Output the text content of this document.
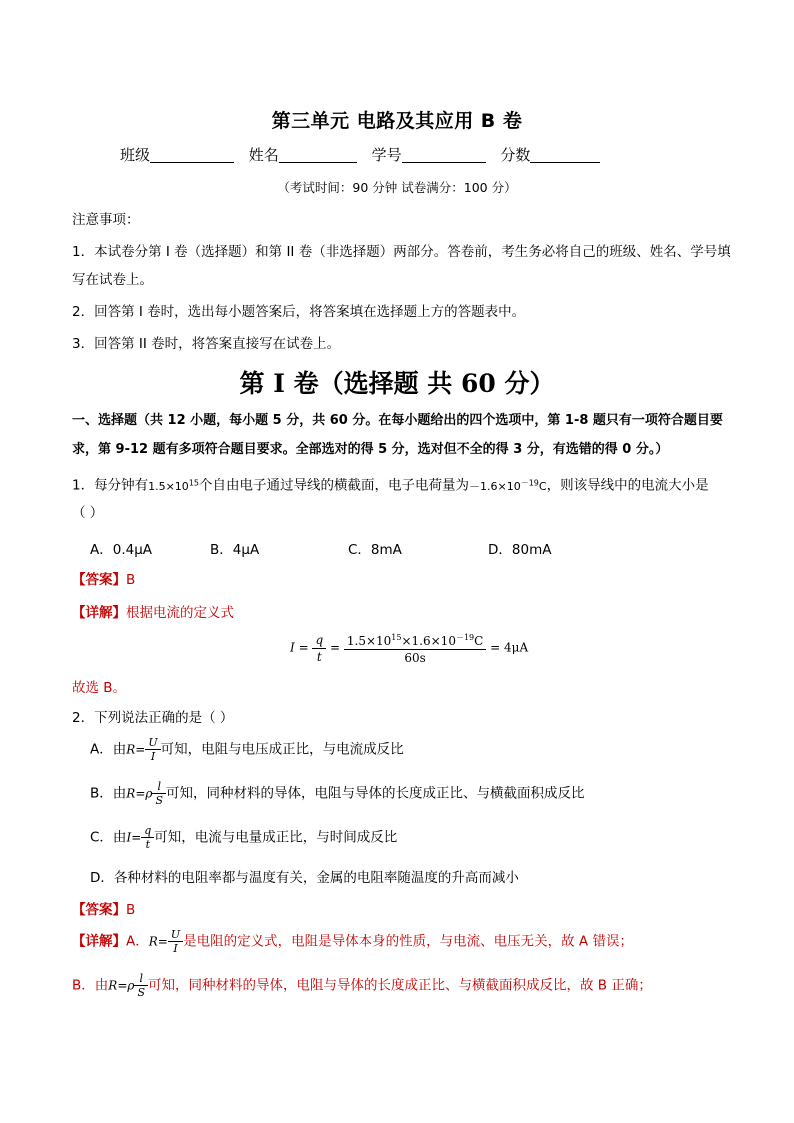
第三单元 电路及其应用 B 卷
班级	姓名	学号	分数
（考试时间：90 分钟 试卷满分：100 分）
注意事项：
1．本试卷分第 I 卷（选择题）和第 II 卷（非选择题）两部分。答卷前，考生务必将自己的班级、姓名、学号填写在试卷上。
2．回答第 I 卷时，选出每小题答案后，将答案填在选择题上方的答题表中。
3．回答第 II 卷时，将答案直接写在试卷上。
第 I 卷（选择题 共 60 分）
一、选择题（共 12 小题，每小题 5 分，共 60 分。在每小题给出的四个选项中，第 1-8 题只有一项符合题目要求，第 9-12 题有多项符合题目要求。全部选对的得 5 分，选对但不全的得 3 分，有选错的得 0 分。）
1．每分钟有$1.5\times 10^{15}$个自由电子通过导线的横截面，电子电荷量为$-1.6\times 10^{-19}C$，则该导线中的电流大小是
（ ）
A．0.4μA	B．4μA	C．8mA	D．80mA
【答案】B
【详解】根据电流的定义式
$I = \frac{q}{t} = \frac{1.5\times 10^{15}\times 1.6\times 10^{-19}C}{60s} = 4\mu A$
故选 B。
2．下列说法正确的是（ ）
A．由$R= \frac{U}{I}$ 可知，电阻与电压成正比，与电流成反比
B．由$R=\rho \frac{l}{S}$ 可知，同种材料的导体，电阻与导体的长度成正比、与横截面积成反比
C．由$I= \frac{q}{t}$ 可知，电流与电量成正比，与时间成反比
D．各种材料的电阻率都与温度有关，金属的电阻率随温度的升高而减小
【答案】B
【详解】A．$R= \frac{U}{I}$ 是电阻的定义式，电阻是导体本身的性质，与电流、电压无关，故 A 错误；
B．由$R=\rho \frac{l}{S}$ 可知，同种材料的导体，电阻与导体的长度成正比、与横截面积成反比，故 B 正确；
